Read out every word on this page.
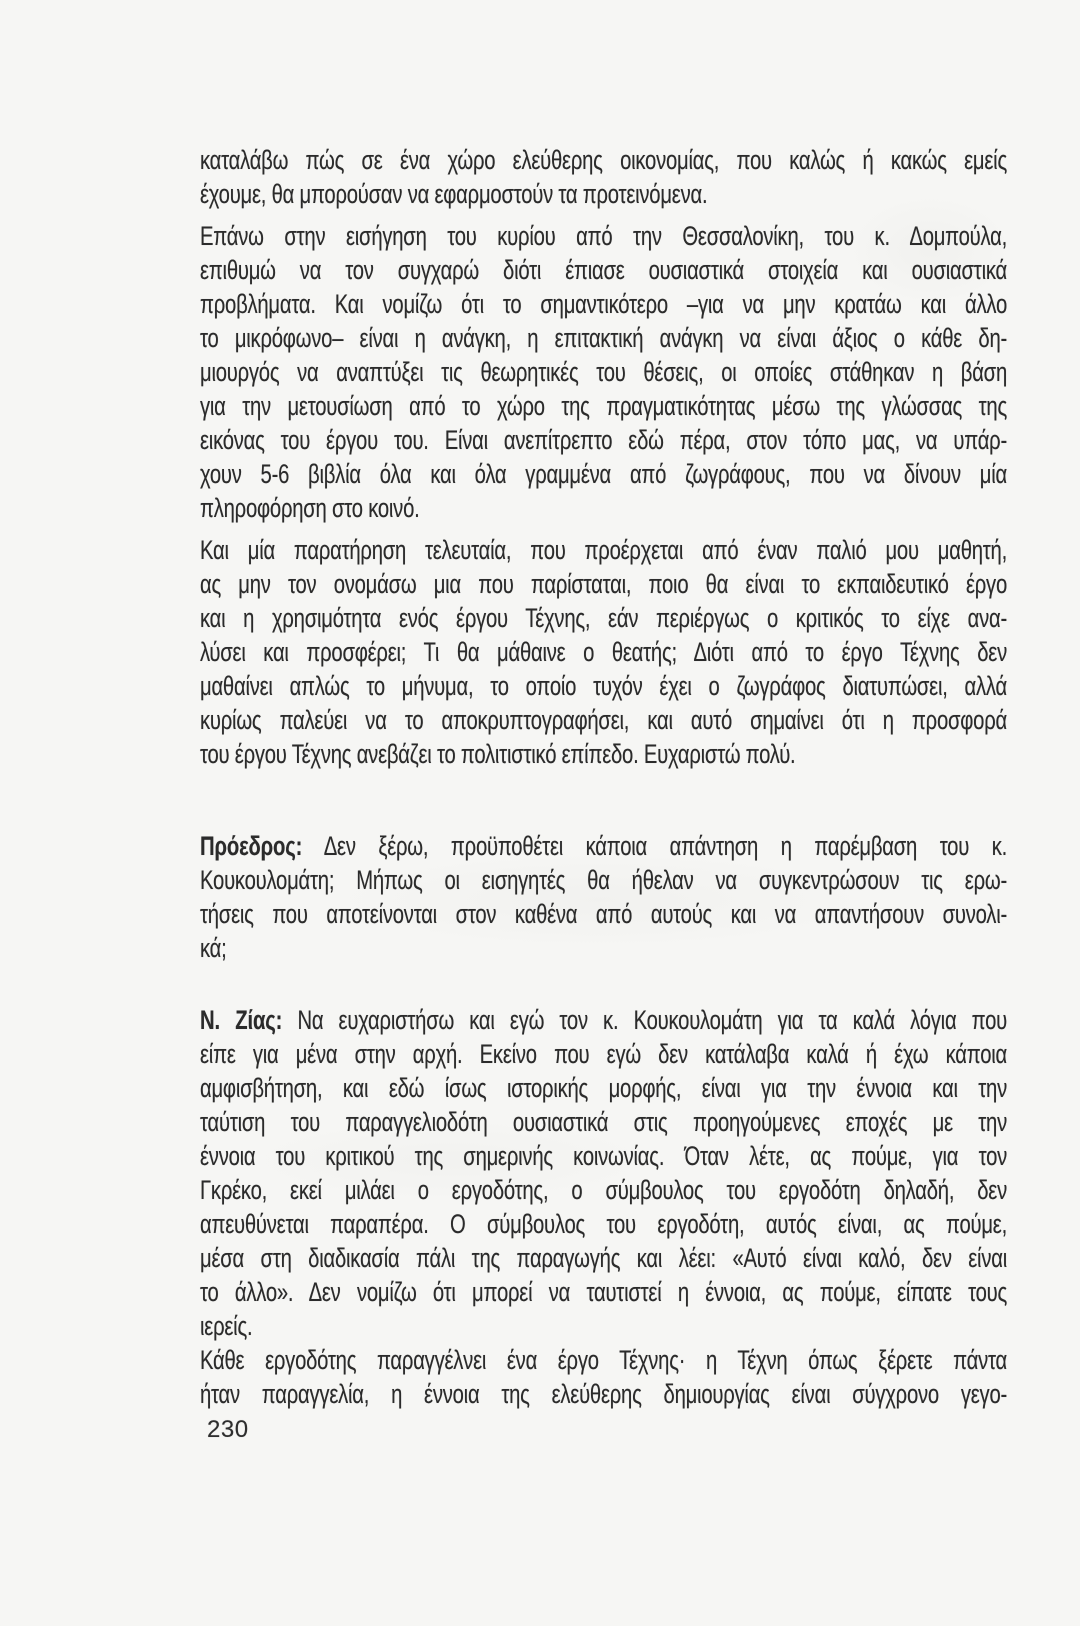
καταλάβω πώς σε ένα χώρο ελεύθερης οικονομίας, που καλώς ή κακώς εμείς
έχουμε, θα μπορούσαν να εφαρμοστούν τα προτεινόμενα.
Επάνω στην εισήγηση του κυρίου από την Θεσσαλονίκη, του κ. Δομπούλα,
επιθυμώ να τον συγχαρώ διότι έπιασε ουσιαστικά στοιχεία και ουσιαστικά
προβλήματα. Και νομίζω ότι το σημαντικότερο –για να μην κρατάω και άλλο
το μικρόφωνο– είναι η ανάγκη, η επιτακτική ανάγκη να είναι άξιος ο κάθε δη-
μιουργός να αναπτύξει τις θεωρητικές του θέσεις, οι οποίες στάθηκαν η βάση
για την μετουσίωση από το χώρο της πραγματικότητας μέσω της γλώσσας της
εικόνας του έργου του. Είναι ανεπίτρεπτο εδώ πέρα, στον τόπο μας, να υπάρ-
χουν 5-6 βιβλία όλα και όλα γραμμένα από ζωγράφους, που να δίνουν μία
πληροφόρηση στο κοινό.
Και μία παρατήρηση τελευταία, που προέρχεται από έναν παλιό μου μαθητή,
ας μην τον ονομάσω μια που παρίσταται, ποιο θα είναι το εκπαιδευτικό έργο
και η χρησιμότητα ενός έργου Τέχνης, εάν περιέργως ο κριτικός το είχε ανα-
λύσει και προσφέρει; Τι θα μάθαινε ο θεατής; Διότι από το έργο Τέχνης δεν
μαθαίνει απλώς το μήνυμα, το οποίο τυχόν έχει ο ζωγράφος διατυπώσει, αλλά
κυρίως παλεύει να το αποκρυπτογραφήσει, και αυτό σημαίνει ότι η προσφορά
του έργου Τέχνης ανεβάζει το πολιτιστικό επίπεδο. Ευχαριστώ πολύ.
Πρόεδρος: Δεν ξέρω, προϋποθέτει κάποια απάντηση η παρέμβαση του κ.
Κουκουλομάτη; Μήπως οι εισηγητές θα ήθελαν να συγκεντρώσουν τις ερω-
τήσεις που αποτείνονται στον καθένα από αυτούς και να απαντήσουν συνολι-
κά;
Ν. Ζίας: Να ευχαριστήσω και εγώ τον κ. Κουκουλομάτη για τα καλά λόγια που
είπε για μένα στην αρχή. Εκείνο που εγώ δεν κατάλαβα καλά ή έχω κάποια
αμφισβήτηση, και εδώ ίσως ιστορικής μορφής, είναι για την έννοια και την
ταύτιση του παραγγελιοδότη ουσιαστικά στις προηγούμενες εποχές με την
έννοια του κριτικού της σημερινής κοινωνίας. Όταν λέτε, ας πούμε, για τον
Γκρέκο, εκεί μιλάει ο εργοδότης, ο σύμβουλος του εργοδότη δηλαδή, δεν
απευθύνεται παραπέρα. Ο σύμβουλος του εργοδότη, αυτός είναι, ας πούμε,
μέσα στη διαδικασία πάλι της παραγωγής και λέει: «Αυτό είναι καλό, δεν είναι
το άλλο». Δεν νομίζω ότι μπορεί να ταυτιστεί η έννοια, ας πούμε, είπατε τους
ιερείς.
Κάθε εργοδότης παραγγέλνει ένα έργο Τέχνης· η Τέχνη όπως ξέρετε πάντα
ήταν παραγγελία, η έννοια της ελεύθερης δημιουργίας είναι σύγχρονο γεγο-
230
